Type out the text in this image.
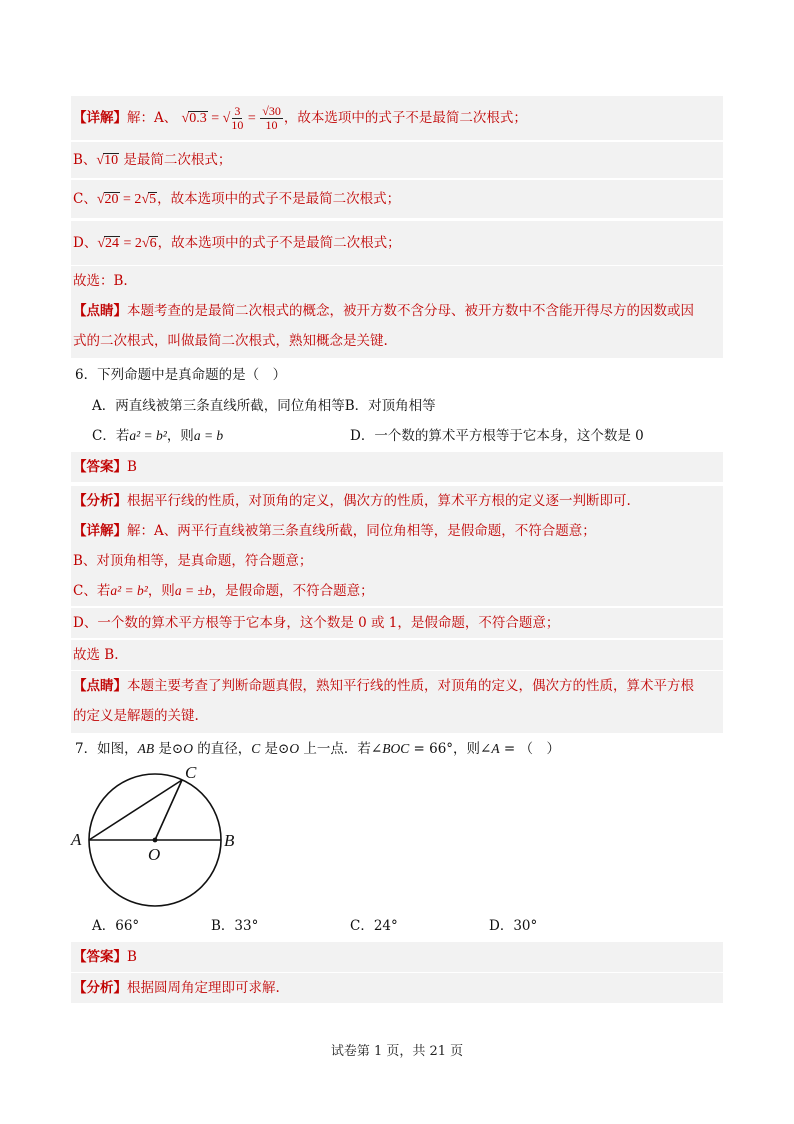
【详解】解：A、 √0.3 = √ $\frac{3}{10} = \frac{√30}{10}$ ，故本选项中的式子不是最简二次根式；
B、√10 是最简二次根式；
C、√20 = 2√5，故本选项中的式子不是最简二次根式；
D、√24 = 2√6，故本选项中的式子不是最简二次根式；
故选：B.
【点睛】本题考查的是最简二次根式的概念，被开方数不含分母、被开方数中不含能开得尽方的因数或因
式的二次根式，叫做最简二次根式，熟知概念是关键.
6．下列命题中是真命题的是（　）
A．两直线被第三条直线所截，同位角相等B．对顶角相等
C．若a² = b²，则a = b	D．一个数的算术平方根等于它本身，这个数是 0
【答案】B
【分析】根据平行线的性质，对顶角的定义，偶次方的性质，算术平方根的定义逐一判断即可.
【详解】解：A、两平行直线被第三条直线所截，同位角相等，是假命题，不符合题意；
B、对顶角相等，是真命题，符合题意；
C、若a² = b²，则a = ±b，是假命题，不符合题意；
D、一个数的算术平方根等于它本身，这个数是 0 或 1，是假命题，不符合题意；
故选 B.
【点睛】本题主要考查了判断命题真假，熟知平行线的性质，对顶角的定义，偶次方的性质，算术平方根
的定义是解题的关键.
7．如图，AB 是⊙O 的直径，C 是⊙O 上一点．若∠BOC = 66°，则∠A = （　）
A	B
C
O
A．66°	B．33°	C．24°	D．30°
【答案】B
【分析】根据圆周角定理即可求解.
试卷第 1 页，共 21 页
